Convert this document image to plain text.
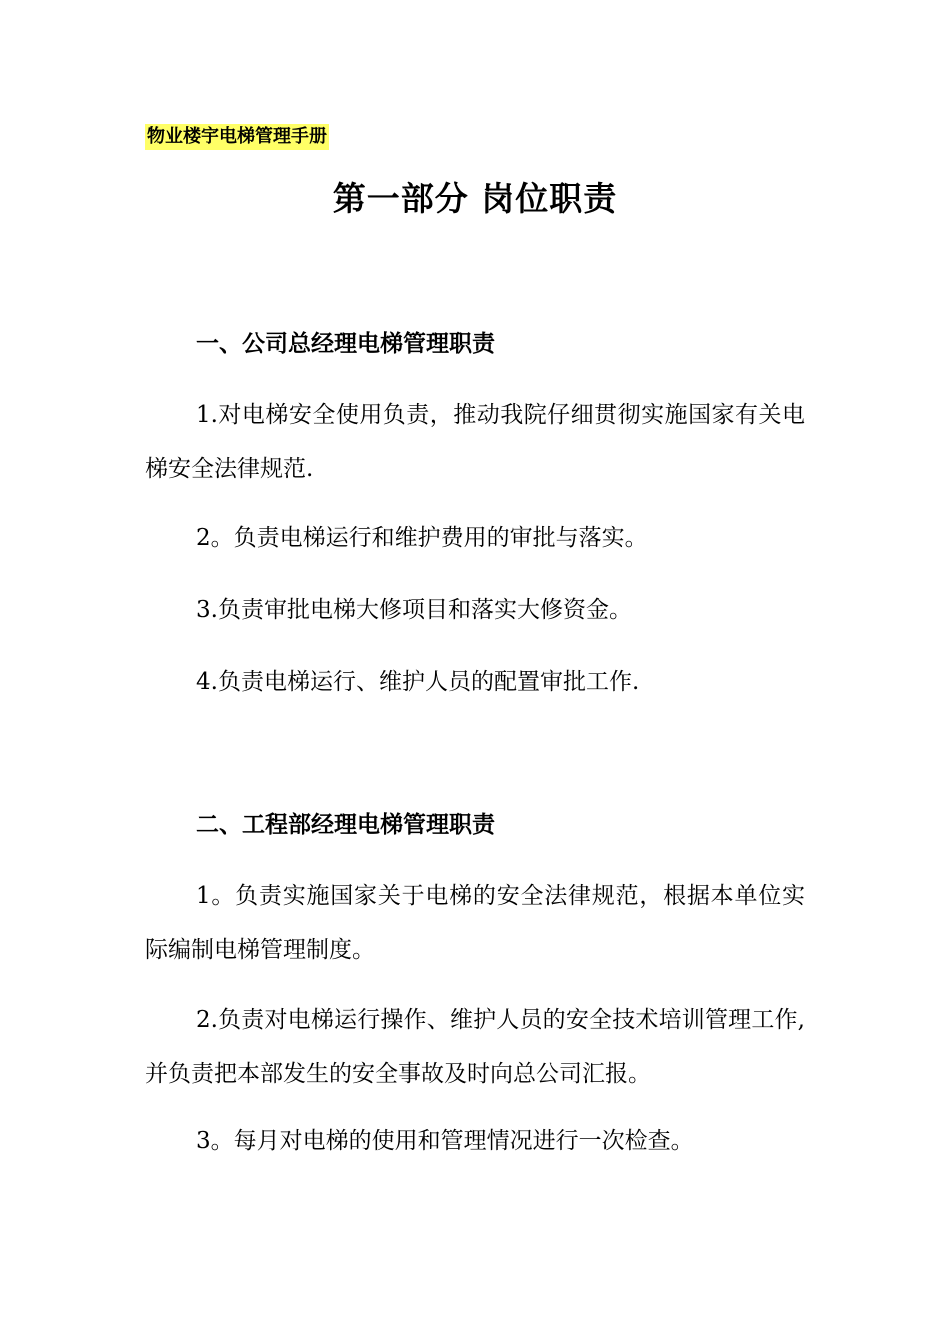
物业楼宇电梯管理手册
第一部分 岗位职责
一、公司总经理电梯管理职责
1.对电梯安全使用负责，推动我院仔细贯彻实施国家有关电梯安全法律规范.
2。负责电梯运行和维护费用的审批与落实。
3.负责审批电梯大修项目和落实大修资金。
4.负责电梯运行、维护人员的配置审批工作.
二、工程部经理电梯管理职责
1。负责实施国家关于电梯的安全法律规范，根据本单位实际编制电梯管理制度。
2.负责对电梯运行操作、维护人员的安全技术培训管理工作,并负责把本部发生的安全事故及时向总公司汇报。
3。每月对电梯的使用和管理情况进行一次检查。
